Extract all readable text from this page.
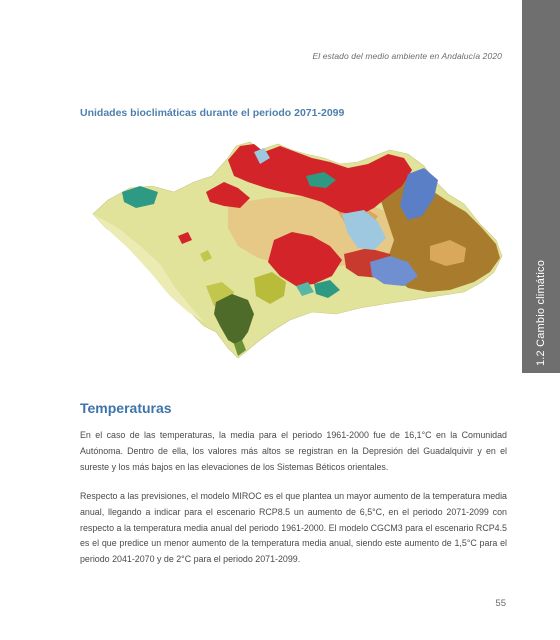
El estado del medio ambiente en Andalucía 2020
1.2 Cambio climático
Unidades bioclimáticas durante el periodo 2071-2099
Temperaturas

En el caso de las temperaturas, la media para el periodo 1961-2000 fue de 16,1°C en la Comunidad Autónoma. Dentro de ella, los valores más altos se registran en la Depresión del Guadalquivir y en el sureste y los más bajos en las elevaciones de los Sistemas Béticos orientales.

Respecto a las previsiones, el modelo MIROC es el que plantea un mayor aumento de la temperatura media anual, llegando a indicar para el escenario RCP8.5 un aumento de 6,5°C, en el periodo 2071-2099 con respecto a la temperatura media anual del periodo 1961-2000. El modelo CGCM3 para el escenario RCP4.5 es el que predice un menor aumento de la temperatura media anual, siendo este aumento de 1,5°C para el periodo 2041-2070 y de 2°C para el periodo 2071-2099.

55
